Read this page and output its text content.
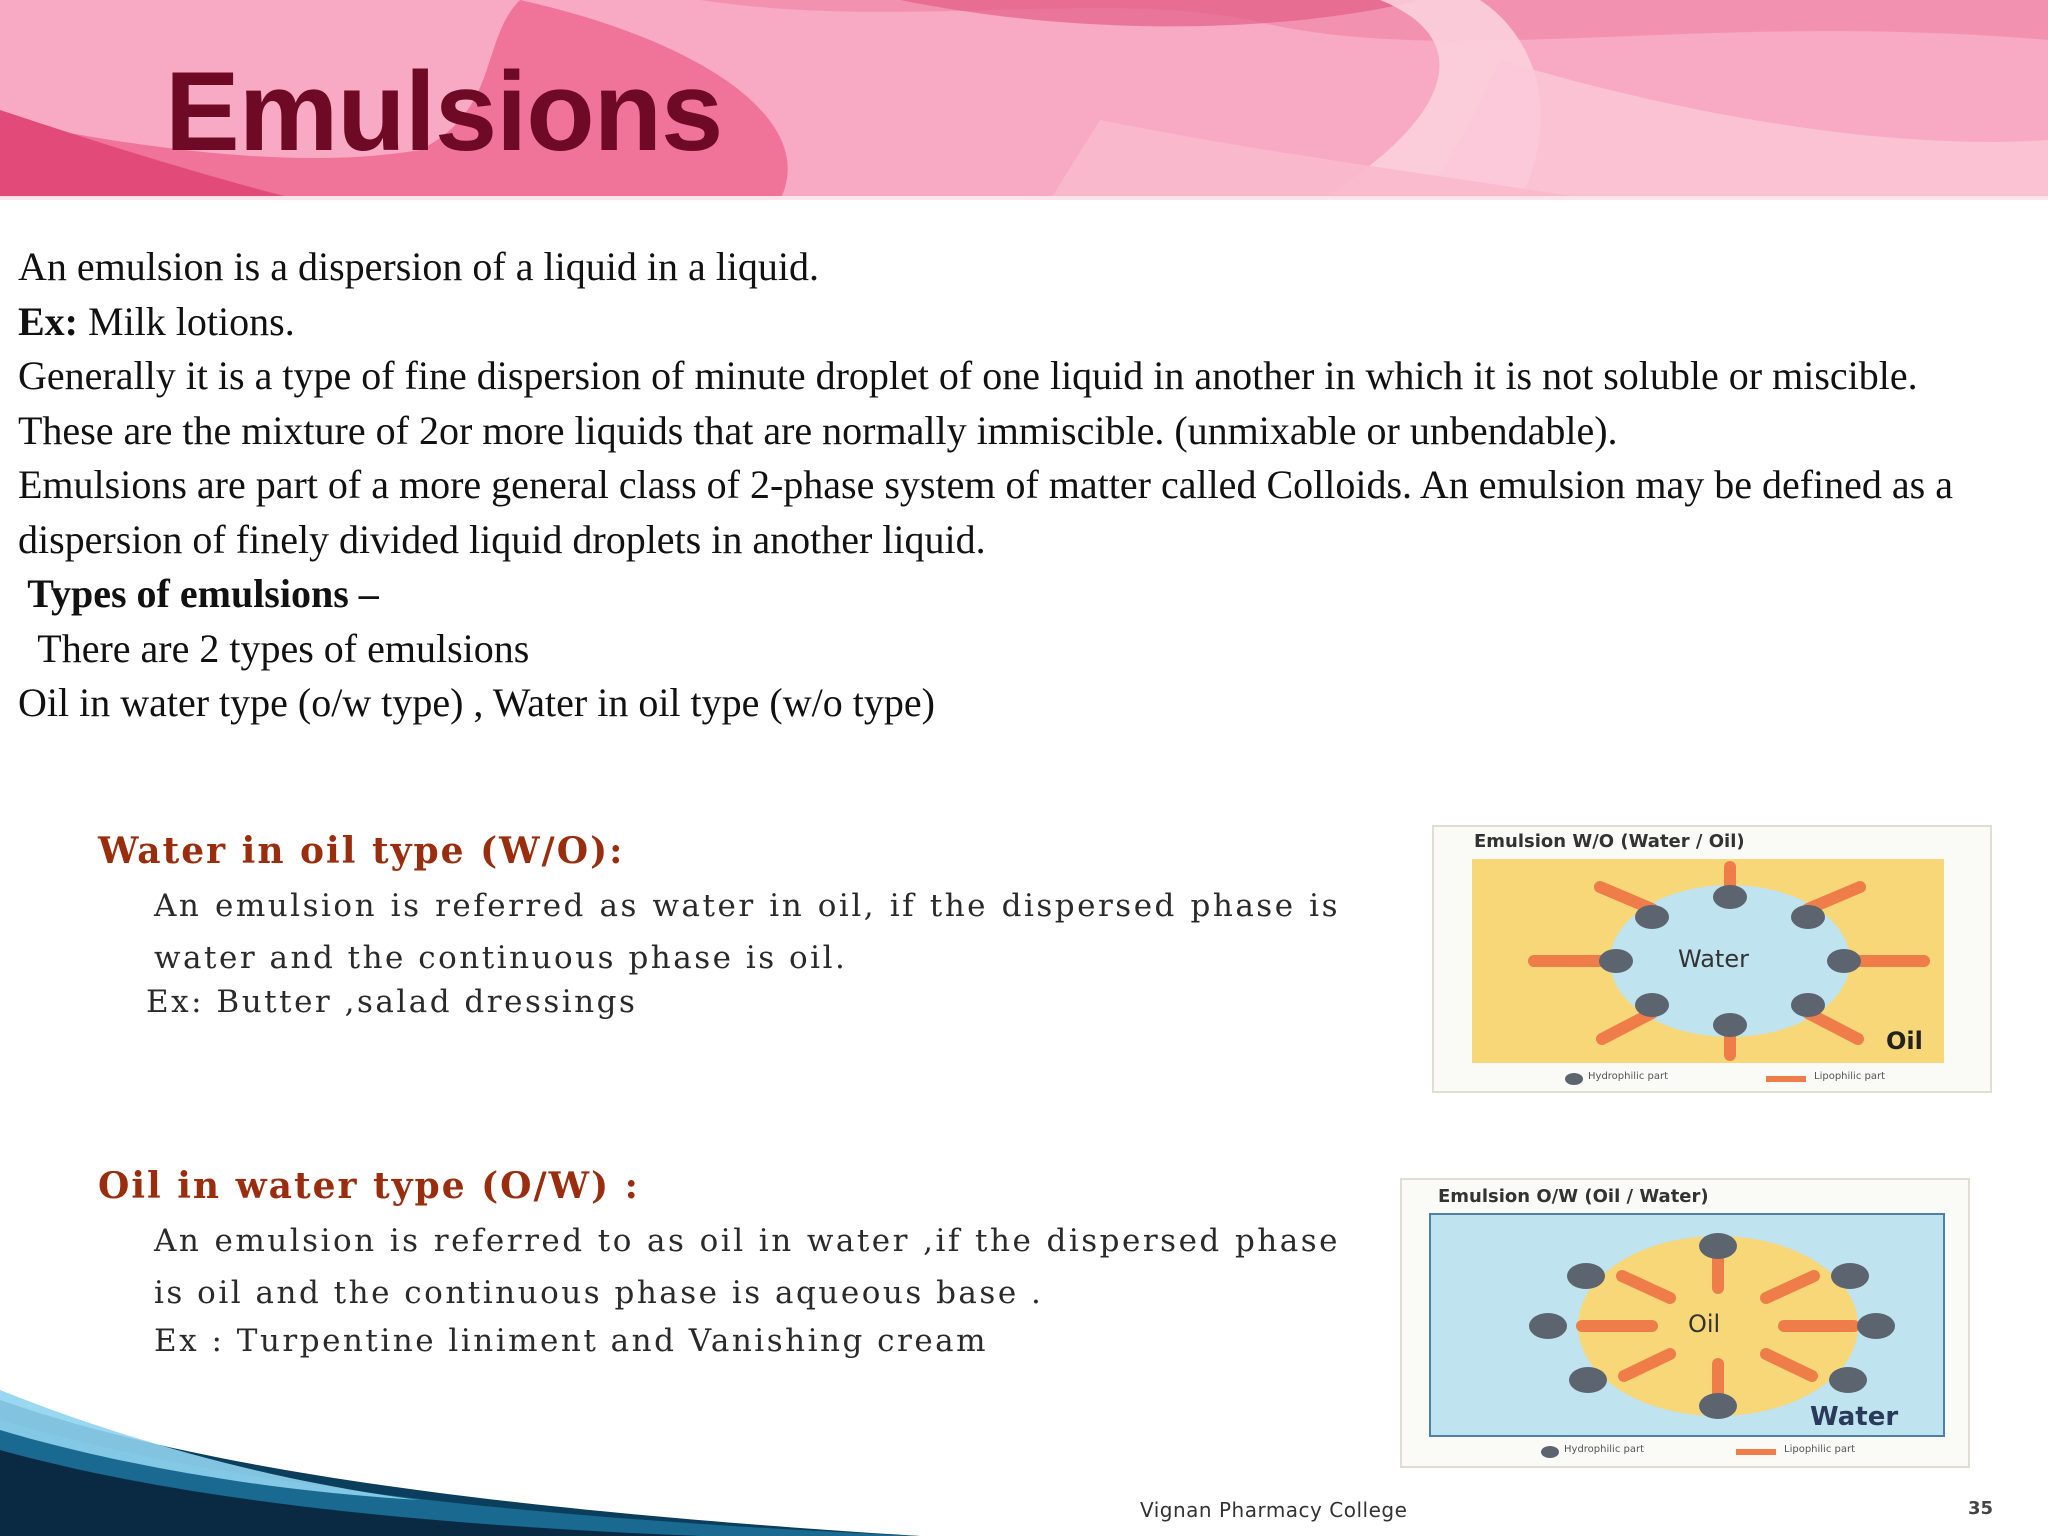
Emulsions

An emulsion is a dispersion of a liquid in a liquid.

Ex: Milk lotions.

Generally it is a type of fine dispersion of minute droplet of one liquid in another in which it is not soluble or miscible.

These are the mixture of 2or more liquids that are normally immiscible. (unmixable or unbendable).

Emulsions are part of a more general class of 2-phase system of matter called Colloids. An emulsion may be defined as a dispersion of finely divided liquid droplets in another liquid.

Types of emulsions –

There are 2 types of emulsions

Oil in water type (o/w type) , Water in oil type (w/o type)

Water in oil type (W/O):

An emulsion is referred as water in oil, if the dispersed phase is water and the continuous phase is oil.

Ex: Butter ,salad dressings

Oil in water type (O/W) :

An emulsion is referred to as oil in water ,if the dispersed phase is oil and the continuous phase is aqueous base .

Ex : Turpentine liniment and Vanishing cream

Emulsion W/O (Water / Oil)
Water
Oil
Hydrophilic part	Lipophilic part
Emulsion O/W (Oil / Water)
Oil
Water
Hydrophilic part	Lipophilic part
Vignan Pharmacy College	35
